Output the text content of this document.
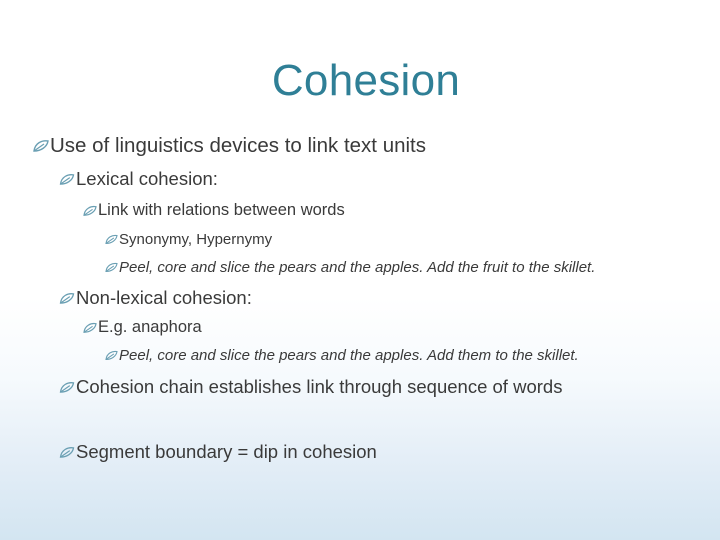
Cohesion
Use of linguistics devices to link text units
Lexical cohesion:
Link with relations between words
Synonymy, Hypernymy
Peel, core and slice the pears and the apples. Add the fruit to the skillet.
Non-lexical cohesion:
E.g. anaphora
Peel, core and slice the pears and the apples. Add them to the skillet.
Cohesion chain establishes link through sequence of words
Segment boundary = dip in cohesion
